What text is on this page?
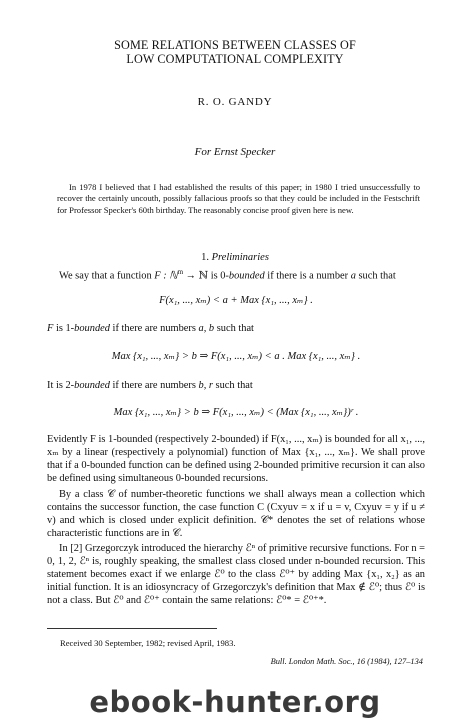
SOME RELATIONS BETWEEN CLASSES OF
LOW COMPUTATIONAL COMPLEXITY
R. O. GANDY
For Ernst Specker

In 1978 I believed that I had established the results of this paper; in 1980 I tried unsuccessfully to recover the certainly uncouth, possibly fallacious proofs so that they could be included in the Festschrift for Professor Specker's 60th birthday. The reasonably concise proof given here is new.

1. Preliminaries

We say that a function F : ℕ$^m$ → ℕ is 0-bounded if there is a number a such that

F(x₁, ..., xₘ) < a + Max {x₁, ..., xₘ} .

F is 1-bounded if there are numbers a, b such that

Max {x₁, ..., xₘ} > b ⇒ F(x₁, ..., xₘ) < a . Max {x₁, ..., xₘ} .

It is 2-bounded if there are numbers b, r such that

Max {x₁, ..., xₘ} > b ⇒ F(x₁, ..., xₘ) < (Max {x₁, ..., xₘ})ʳ .

Evidently F is 1-bounded (respectively 2-bounded) if F(x₁, ..., xₘ) is bounded for all x₁, ..., xₘ by a linear (respectively a polynomial) function of Max {x₁, ..., xₘ}. We shall prove that if a 0-bounded function can be defined using 2-bounded primitive recursion it can also be defined using simultaneous 0-bounded recursions.

By a class 𝒞 of number-theoretic functions we shall always mean a collection which contains the successor function, the case function C (Cxyuv = x if u = v, Cxyuv = y if u ≠ v) and which is closed under explicit definition. 𝒞* denotes the set of relations whose characteristic functions are in 𝒞.

In [2] Grzegorczyk introduced the hierarchy ℰⁿ of primitive recursive functions. For n = 0, 1, 2, ℰⁿ is, roughly speaking, the smallest class closed under n-bounded recursion. This statement becomes exact if we enlarge ℰ⁰ to the class ℰ⁰⁺ by adding Max {x₁, x₂} as an initial function. It is an idiosyncracy of Grzegorczyk's definition that Max ∉ ℰ⁰; thus ℰ⁰ is not a class. But ℰ⁰ and ℰ⁰⁺ contain the same relations: ℰ⁰* = ℰ⁰⁺*.

Received 30 September, 1982; revised April, 1983.
Bull. London Math. Soc., 16 (1984), 127–134
ebook-hunter.org
